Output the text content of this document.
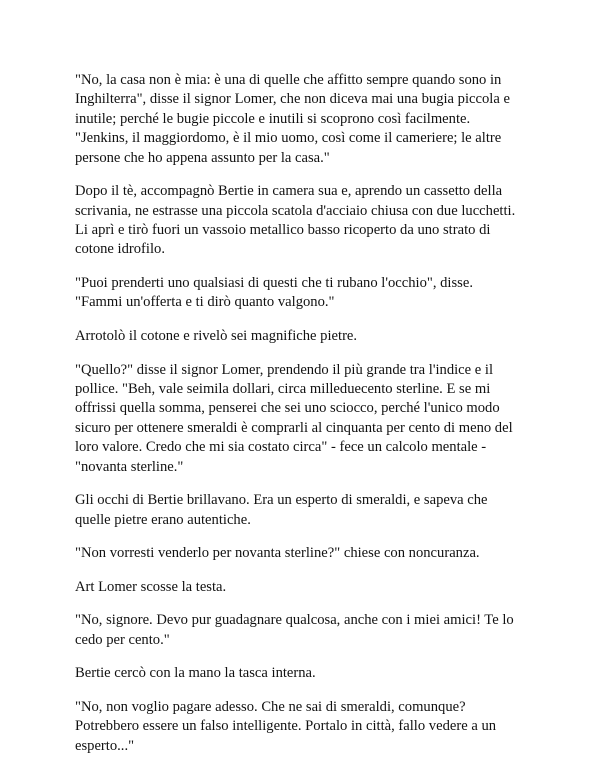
"No, la casa non è mia: è una di quelle che affitto sempre quando sono in
Inghilterra", disse il signor Lomer, che non diceva mai una bugia piccola e
inutile; perché le bugie piccole e inutili si scoprono così facilmente.
"Jenkins, il maggiordomo, è il mio uomo, così come il cameriere; le altre
persone che ho appena assunto per la casa."

Dopo il tè, accompagnò Bertie in camera sua e, aprendo un cassetto della
scrivania, ne estrasse una piccola scatola d'acciaio chiusa con due lucchetti.
Li aprì e tirò fuori un vassoio metallico basso ricoperto da uno strato di
cotone idrofilo.

"Puoi prenderti uno qualsiasi di questi che ti rubano l'occhio", disse.
"Fammi un'offerta e ti dirò quanto valgono."

Arrotolò il cotone e rivelò sei magnifiche pietre.

"Quello?" disse il signor Lomer, prendendo il più grande tra l'indice e il
pollice. "Beh, vale seimila dollari, circa milleduecento sterline. E se mi
offrissi quella somma, penserei che sei uno sciocco, perché l'unico modo
sicuro per ottenere smeraldi è comprarli al cinquanta per cento di meno del
loro valore. Credo che mi sia costato circa" - fece un calcolo mentale -
"novanta sterline."

Gli occhi di Bertie brillavano. Era un esperto di smeraldi, e sapeva che
quelle pietre erano autentiche.

"Non vorresti venderlo per novanta sterline?" chiese con noncuranza.

Art Lomer scosse la testa.

"No, signore. Devo pur guadagnare qualcosa, anche con i miei amici! Te lo
cedo per cento."

Bertie cercò con la mano la tasca interna.

"No, non voglio pagare adesso. Che ne sai di smeraldi, comunque?
Potrebbero essere un falso intelligente. Portalo in città, fallo vedere a un
esperto..."
